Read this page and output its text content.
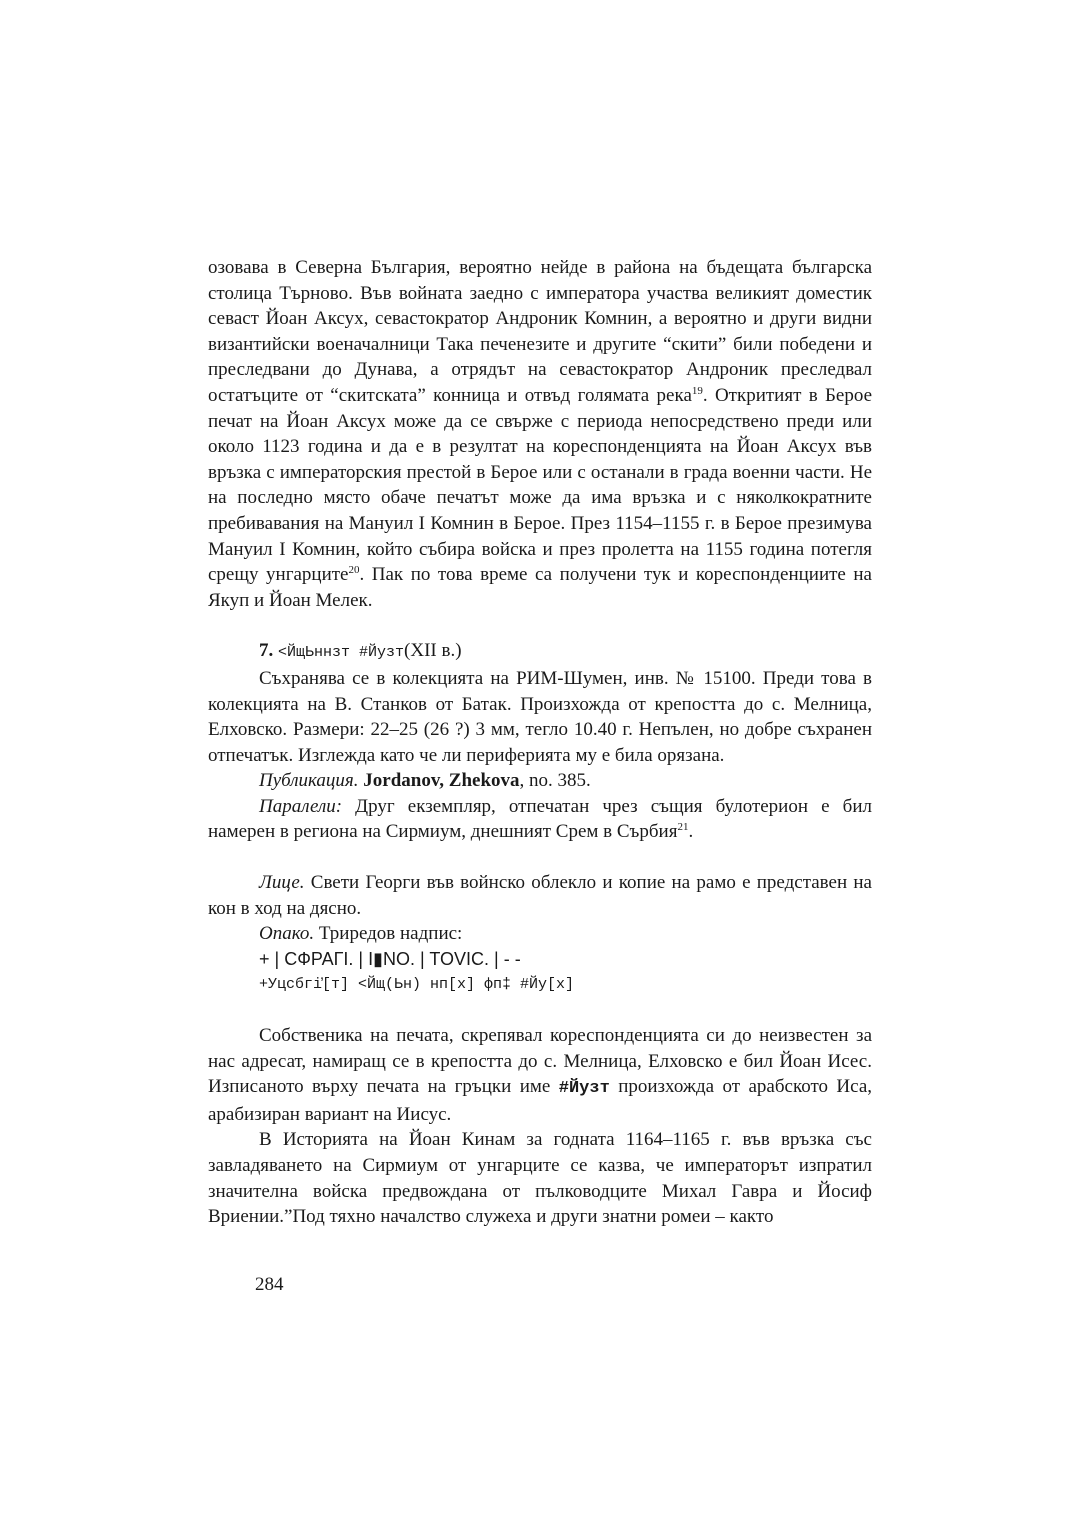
озовава в Северна България, вероятно нейде в района на бъдещата българска столица Търново. Във войната заедно с императора участва великият доместик севаст Йоан Аксух, севастократор Андроник Комнин, а вероятно и други видни византийски военачалници Така печенезите и другите “скити” били победени и преследвани до Дунава, а отрядът на севастократор Андроник преследвал остатъците от “скитската” конница и отвъд голямата река$^{19}$. Откритият в Берое печат на Йоан Аксух може да се свърже с периода непосредствено преди или около 1123 година и да е в резултат на кореспонденцията на Йоан Аксух във връзка с императорския престой в Берое или с останали в града военни части. Не на последно място обаче печатът може да има връзка и с няколкократните пребивавания на Мануил I Комнин в Берое. През 1154–1155 г. в Берое презимува Мануил I Комнин, който събира войска и през пролетта на 1155 година потегля срещу унгарците$^{20}$. Пак по това време са получени тук и кореспонденциите на Якуп и Йоан Мелек.

7. <ЙщЬннзт #Йузт(XII в.)

Съхранява се в колекцията на РИМ-Шумен, инв. № 15100. Преди това в колекцията на В. Станков от Батак. Произхожда от крепостта до с. Мелница, Елховско. Размери: 22–25 (26 ?) 3 мм, тегло 10.40 г. Непълен, но добре съхранен отпечатък. Изглежда като че ли периферията му е била орязана.

Публикация. Jordanov, Zhekova, no. 385.

Паралели: Друг екземпляр, отпечатан чрез същия булотерион е бил намерен в региона на Сирмиум, днешният Срем в Сърбия$^{21}$.

Лице. Свети Георги във войнско облекло и копие на рамо е представен на кон в ход на дясно.

Опако. Триредов надпис:

+ | СФРАГΙ. | I▮NO. | TOVIC. | - -
+Уцсбгі̓[т] <Йщ(Ьн) нп[х] фп‡ #Йу[х]

Собственика на печата, скрепявал кореспонденцията си до неизвестен за нас адресат, намиращ се в крепостта до с. Мелница, Елховско е бил Йоан Исес. Изписаното върху печата на гръцки име #Йузт произхожда от арабското Иса, арабизиран вариант на Иисус.

В Историята на Йоан Кинам за годната 1164–1165 г. във връзка със завладяването на Сирмиум от унгарците се казва, че императорът изпратил значителна войска предвождана от пълководците Михал Гавра и Йосиф Вриении.”Под тяхно началство служеха и други знатни ромеи – както

284
